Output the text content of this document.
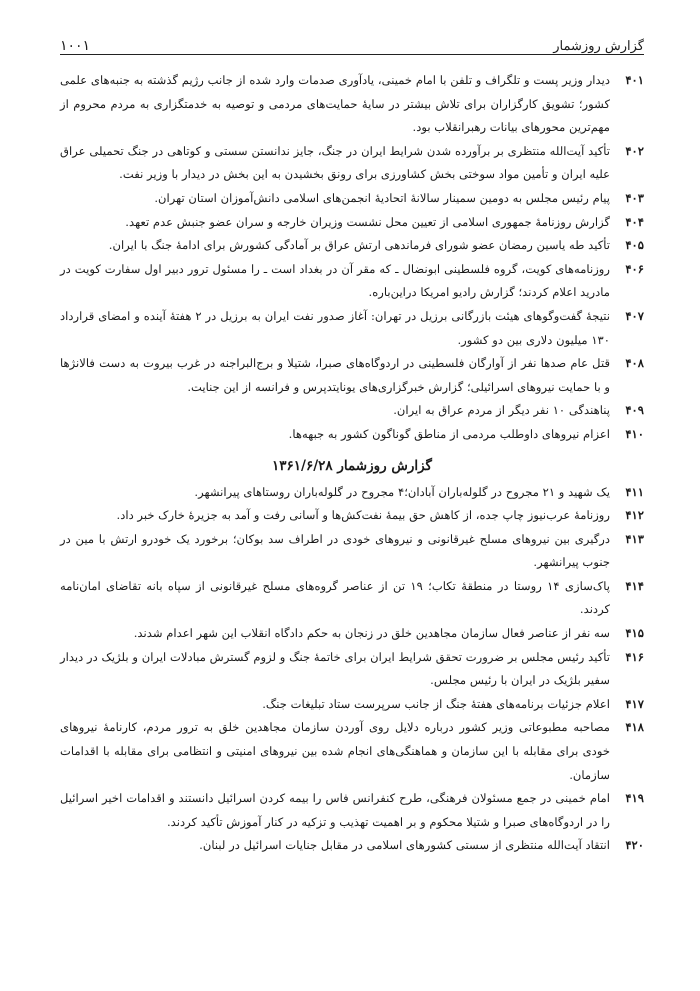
گزارش روزشمار
۱۰۰۱
۴۰۱
دیدار وزیر پست و تلگراف و تلفن با امام خمینی، یادآوری صدمات وارد شده از جانب رژیم گذشته به جنبه‌های علمی کشور؛ تشویق کارگزاران برای تلاش بیشتر در سایهٔ حمایت‌های مردمی و توصیه به خدمتگزاری به مردم محروم از مهم‌ترین محورهای بیانات رهبرانقلاب بود.
۴۰۲
تأکید آیت‌الله منتظری بر برآورده شدن شرایط ایران در جنگ، جایز ندانستن سستی و کوتاهی در جنگ تحمیلی عراق علیه ایران و تأمین مواد سوختی بخش کشاورزی برای رونق بخشیدن به این بخش در دیدار با وزیر نفت.
۴۰۳
پیام رئیس مجلس به دومین سمینار سالانهٔ اتحادیهٔ انجمن‌های اسلامی دانش‌آموزان استان تهران.
۴۰۴
گزارش روزنامهٔ جمهوری اسلامی از تعیین محل نشست وزیران خارجه و سران عضو جنبش عدم تعهد.
۴۰۵
تأکید طه یاسین رمضان عضو شورای فرماندهی ارتش عراق بر آمادگی کشورش برای ادامهٔ جنگ با ایران.
۴۰۶
روزنامه‌های کویت، گروه فلسطینی ابونضال ـ که مقر آن در بغداد است ـ را مسئول ترور دبیر اول سفارت کویت در مادرید اعلام کردند؛ گزارش رادیو امریکا دراین‌باره.
۴۰۷
نتیجهٔ گفت‌وگوهای هیئت بازرگانی برزیل در تهران: آغاز صدور نفت ایران به برزیل در ۲ هفتهٔ آینده و امضای قرارداد ۱۳۰ میلیون دلاری بین دو کشور.
۴۰۸
قتل عام صدها نفر از آوارگان فلسطینی در اردوگاه‌های صبرا، شتیلا و برج‌البراجنه در غرب بیروت به دست فالانژها و با حمایت نیروهای اسرائیلی؛ گزارش خبرگزاری‌های یونایتدپرس و فرانسه از این جنایت.
۴۰۹
پناهندگی ۱۰ نفر دیگر از مردم عراق به ایران.
۴۱۰
اعزام نیروهای داوطلب مردمی از مناطق گوناگون کشور به جبهه‌ها.
گزارش روزشمار ۱۳۶۱/۶/۲۸
۴۱۱
یک شهید و ۲۱ مجروح در گلوله‌باران آبادان؛۴ مجروح در گلوله‌باران روستاهای پیرانشهر.
۴۱۲
روزنامهٔ عرب‌نیوز چاپ جده، از کاهش حق بیمهٔ نفت‌کش‌ها و آسانی رفت و آمد به جزیرهٔ خارک خبر داد.
۴۱۳
درگیری بین نیروهای مسلح غیرقانونی و نیروهای خودی در اطراف سد بوکان؛ برخورد یک خودرو ارتش با مین در جنوب پیرانشهر.
۴۱۴
پاک‌سازی ۱۴ روستا در منطقهٔ تکاب؛ ۱۹ تن از عناصر گروه‌های مسلح غیرقانونی از سپاه بانه تقاضای امان‌نامه کردند.
۴۱۵
سه نفر از عناصر فعال سازمان مجاهدین خلق در زنجان به حکم دادگاه انقلاب این شهر اعدام شدند.
۴۱۶
تأکید رئیس مجلس بر ضرورت تحقق شرایط ایران برای خاتمهٔ جنگ و لزوم گسترش مبادلات ایران و بلژیک در دیدار سفیر بلژیک در ایران با رئیس مجلس.
۴۱۷
اعلام جزئیات برنامه‌های هفتهٔ جنگ از جانب سرپرست ستاد تبلیغات جنگ.
۴۱۸
مصاحبه مطبوعاتی وزیر کشور درباره دلایل روی آوردن سازمان مجاهدین خلق به ترور مردم، کارنامهٔ نیروهای خودی برای مقابله با این سازمان و هماهنگی‌های انجام شده بین نیروهای امنیتی و انتظامی برای مقابله با اقدامات سازمان.
۴۱۹
امام خمینی در جمع مسئولان فرهنگی، طرح کنفرانس فاس را بیمه کردن اسرائیل دانستند و اقدامات اخیر اسرائیل را در اردوگاه‌های صبرا و شتیلا محکوم و بر اهمیت تهذیب و تزکیه در کنار آموزش تأکید کردند.
۴۲۰
انتقاد آیت‌الله منتظری از سستی کشورهای اسلامی در مقابل جنایات اسرائیل در لبنان.
